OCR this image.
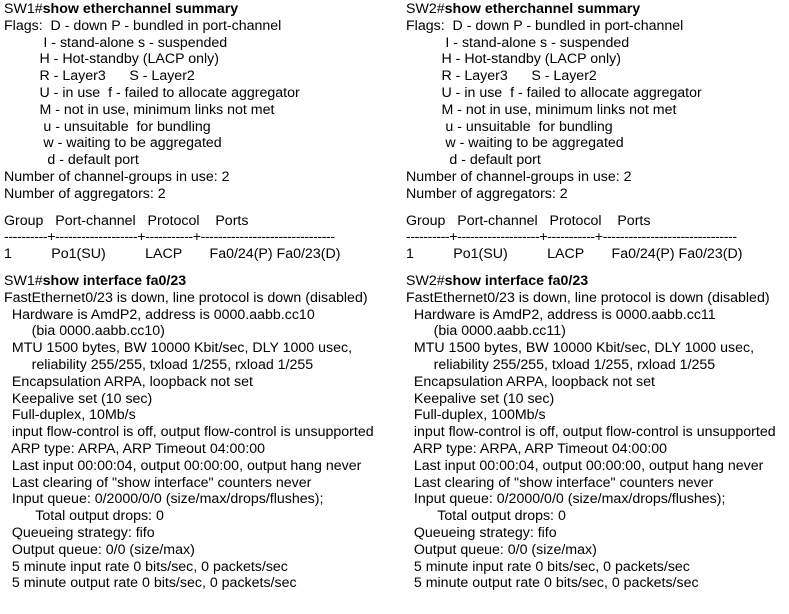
SW1#show etherchannel summary
Flags:  D - down P - bundled in port-channel
I - stand-alone s - suspended
H - Hot-standby (LACP only)
R - Layer3      S - Layer2
U - in use  f - failed to allocate aggregator
M - not in use, minimum links not met
u - unsuitable  for bundling
w - waiting to be aggregated
d - default port
Number of channel-groups in use: 2
Number of aggregators: 2
Group   Port-channel   Protocol    Ports
----------+-------------------+-----------+-------------------------------
1          Po1(SU)          LACP       Fa0/24(P) Fa0/23(D)
SW1#show interface fa0/23
FastEthernet0/23 is down, line protocol is down (disabled)
Hardware is AmdP2, address is 0000.aabb.cc10
(bia 0000.aabb.cc10)
MTU 1500 bytes, BW 10000 Kbit/sec, DLY 1000 usec,
reliability 255/255, txload 1/255, rxload 1/255
Encapsulation ARPA, loopback not set
Keepalive set (10 sec)
Full-duplex, 10Mb/s
input flow-control is off, output flow-control is unsupported
ARP type: ARPA, ARP Timeout 04:00:00
Last input 00:00:04, output 00:00:00, output hang never
Last clearing of "show interface" counters never
Input queue: 0/2000/0/0 (size/max/drops/flushes);
Total output drops: 0
Queueing strategy: fifo
Output queue: 0/0 (size/max)
5 minute input rate 0 bits/sec, 0 packets/sec
5 minute output rate 0 bits/sec, 0 packets/sec
SW2#show etherchannel summary
Flags:  D - down P - bundled in port-channel
I - stand-alone s - suspended
H - Hot-standby (LACP only)
R - Layer3      S - Layer2
U - in use  f - failed to allocate aggregator
M - not in use, minimum links not met
u - unsuitable  for bundling
w - waiting to be aggregated
d - default port
Number of channel-groups in use: 2
Number of aggregators: 2
Group   Port-channel   Protocol    Ports
----------+-------------------+-----------+-------------------------------
1          Po1(SU)          LACP       Fa0/24(P) Fa0/23(D)
SW2#show interface fa0/23
FastEthernet0/23 is down, line protocol is down (disabled)
Hardware is AmdP2, address is 0000.aabb.cc11
(bia 0000.aabb.cc11)
MTU 1500 bytes, BW 10000 Kbit/sec, DLY 1000 usec,
reliability 255/255, txload 1/255, rxload 1/255
Encapsulation ARPA, loopback not set
Keepalive set (10 sec)
Full-duplex, 100Mb/s
input flow-control is off, output flow-control is unsupported
ARP type: ARPA, ARP Timeout 04:00:00
Last input 00:00:04, output 00:00:00, output hang never
Last clearing of "show interface" counters never
Input queue: 0/2000/0/0 (size/max/drops/flushes);
Total output drops: 0
Queueing strategy: fifo
Output queue: 0/0 (size/max)
5 minute input rate 0 bits/sec, 0 packets/sec
5 minute output rate 0 bits/sec, 0 packets/sec
